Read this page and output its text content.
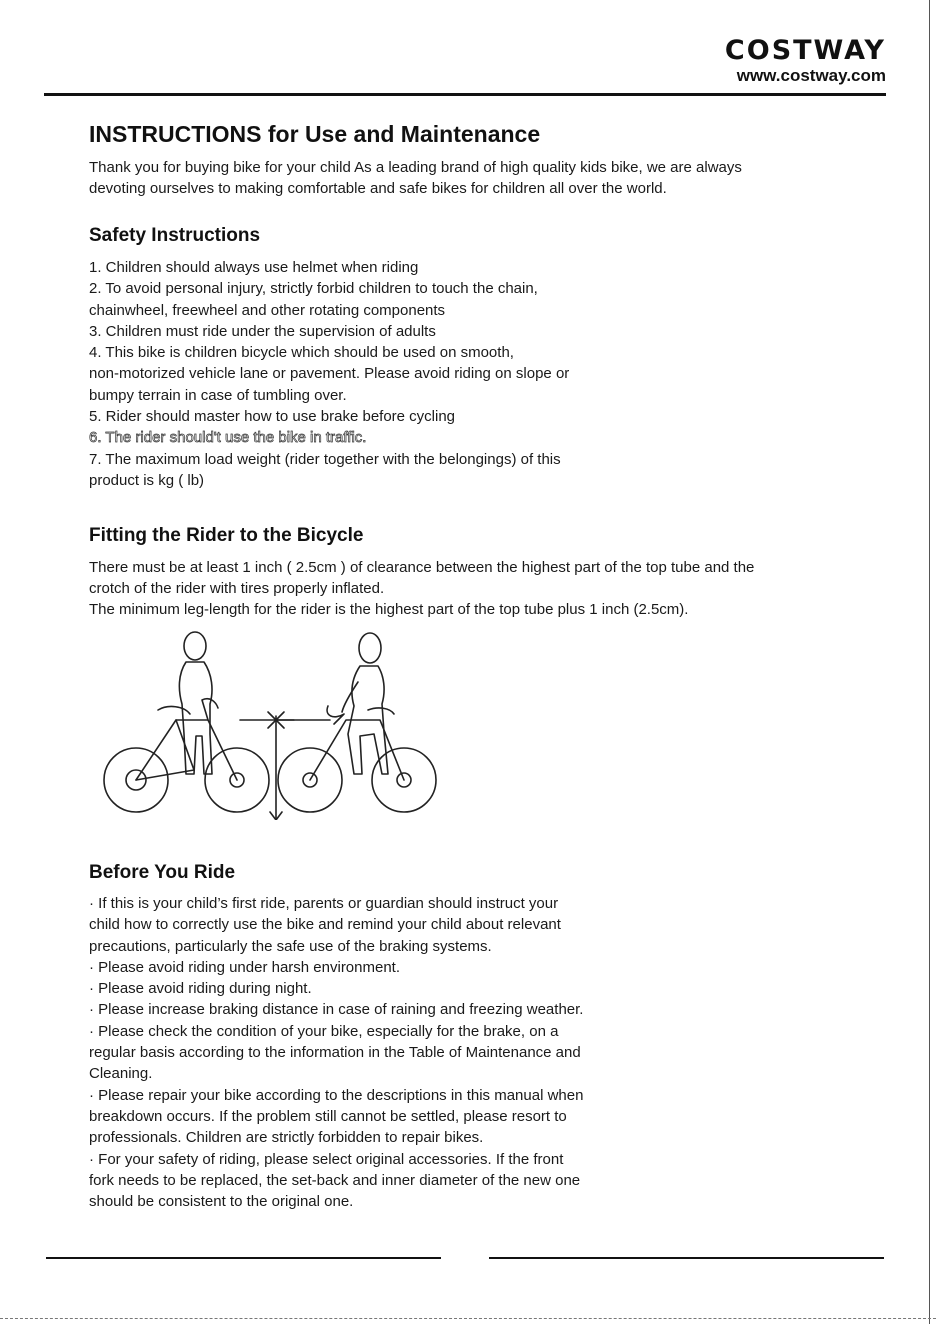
COSTWAY
www.costway.com
INSTRUCTIONS for Use and Maintenance

Thank you for buying bike for your child As a leading brand of high quality kids bike, we are always
devoting ourselves to making comfortable and safe bikes for children all over the world.

Safety Instructions
1. Children should always use helmet when riding
2. To avoid personal injury, strictly forbid children to touch the chain,
chainwheel, freewheel and other rotating components
3. Children must ride under the supervision of adults
4. This bike is children bicycle which should be used on smooth,
non-motorized vehicle lane or pavement. Please avoid riding on slope or
bumpy terrain in case of tumbling over.
5. Rider should master how to use brake before cycling
6. The rider should't use the bike in traffic.
7. The maximum load weight (rider together with the belongings) of this
product is kg ( lb)
Fitting the Rider to the Bicycle

There must be at least 1 inch ( 2.5cm ) of clearance between the highest part of the top tube and the
crotch of the rider with tires properly inflated.
The minimum leg-length for the rider is the highest part of the top tube plus 1 inch (2.5cm).

Before You Ride
· If this is your child’s first ride, parents or guardian should instruct your
child how to correctly use the bike and remind your child about relevant
precautions, particularly the safe use of the braking systems.
· Please avoid riding under harsh environment.
· Please avoid riding during night.
· Please increase braking distance in case of raining and freezing weather.
· Please check the condition of your bike, especially for the brake, on a
regular basis according to the information in the Table of Maintenance and
Cleaning.
· Please repair your bike according to the descriptions in this manual when
breakdown occurs. If the problem still cannot be settled, please resort to
professionals. Children are strictly forbidden to repair bikes.
· For your safety of riding, please select original accessories. If the front
fork needs to be replaced, the set-back and inner diameter of the new one
should be consistent to the original one.
